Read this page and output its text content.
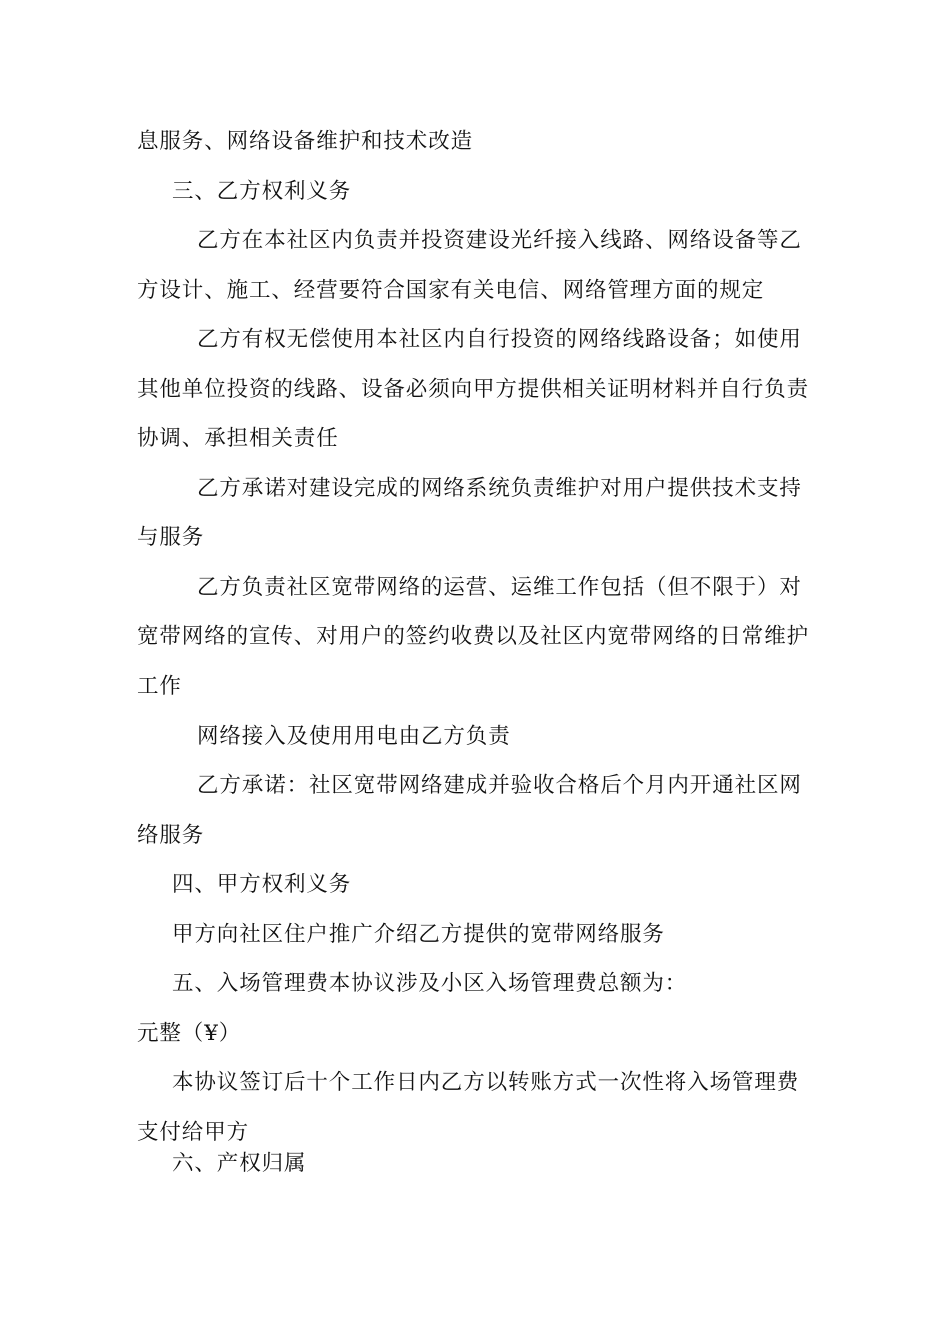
息服务、网络设备维护和技术改造
三、乙方权利义务
乙方在本社区内负责并投资建设光纤接入线路、网络设备等乙
方设计、施工、经营要符合国家有关电信、网络管理方面的规定
乙方有权无偿使用本社区内自行投资的网络线路设备；如使用
其他单位投资的线路、设备必须向甲方提供相关证明材料并自行负责
协调、承担相关责任
乙方承诺对建设完成的网络系统负责维护对用户提供技术支持
与服务
乙方负责社区宽带网络的运营、运维工作包括（但不限于）对
宽带网络的宣传、对用户的签约收费以及社区内宽带网络的日常维护
工作
网络接入及使用用电由乙方负责
乙方承诺：社区宽带网络建成并验收合格后个月内开通社区网
络服务
四、甲方权利义务
甲方向社区住户推广介绍乙方提供的宽带网络服务
五、入场管理费本协议涉及小区入场管理费总额为：
元整（¥）
本协议签订后十个工作日内乙方以转账方式一次性将入场管理费
支付给甲方
六、产权归属
